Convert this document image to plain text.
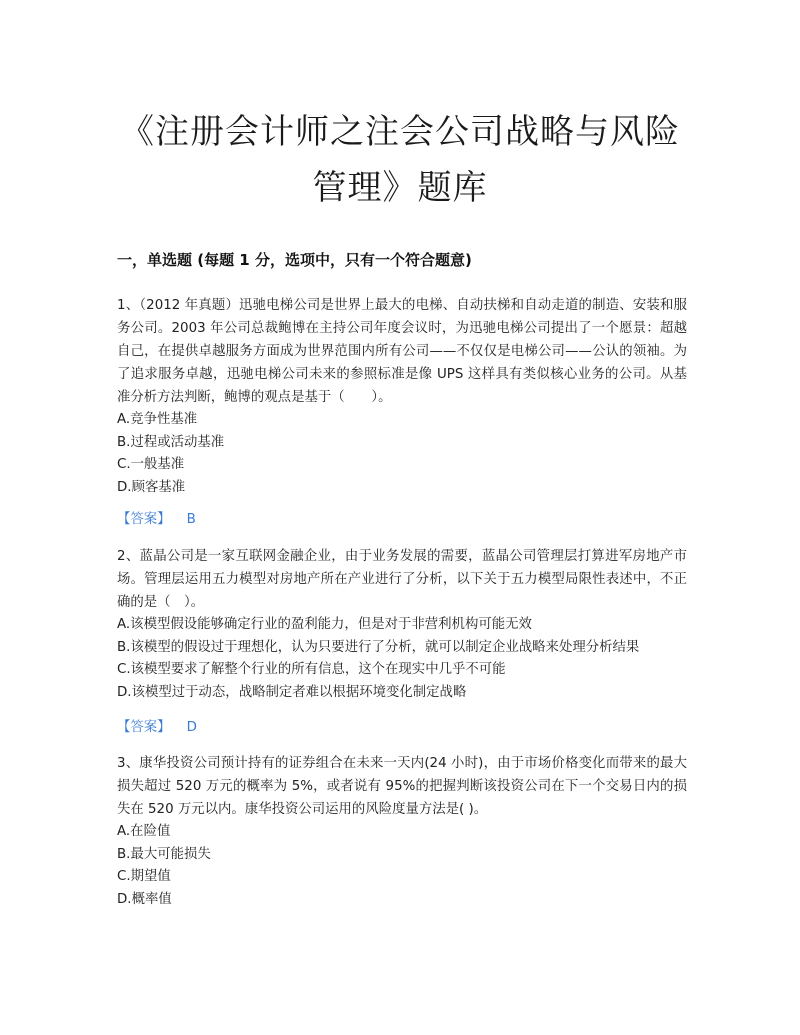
《注册会计师之注会公司战略与风险
管理》题库
一，单选题 (每题 1 分，选项中，只有一个符合题意)

1、（2012 年真题）迅驰电梯公司是世界上最大的电梯、自动扶梯和自动走道的制造、安装和服务公司。2003 年公司总裁鲍博在主持公司年度会议时，为迅驰电梯公司提出了一个愿景：超越自己，在提供卓越服务方面成为世界范围内所有公司——不仅仅是电梯公司——公认的领袖。为了追求服务卓越，迅驰电梯公司未来的参照标准是像 UPS 这样具有类似核心业务的公司。从基准分析方法判断，鲍博的观点是基于（　　）。

A.竞争性基准
B.过程或活动基准
C.一般基准
D.顾客基准
【答案】 B

2、蓝晶公司是一家互联网金融企业，由于业务发展的需要，蓝晶公司管理层打算进军房地产市场。管理层运用五力模型对房地产所在产业进行了分析，以下关于五力模型局限性表述中，不正确的是（　）。

A.该模型假设能够确定行业的盈利能力，但是对于非营利机构可能无效
B.该模型的假设过于理想化，认为只要进行了分析，就可以制定企业战略来处理分析结果
C.该模型要求了解整个行业的所有信息，这个在现实中几乎不可能
D.该模型过于动态，战略制定者难以根据环境变化制定战略
【答案】 D

3、康华投资公司预计持有的证券组合在未来一天内(24 小时)，由于市场价格变化而带来的最大损失超过 520 万元的概率为 5%，或者说有 95%的把握判断该投资公司在下一个交易日内的损失在 520 万元以内。康华投资公司运用的风险度量方法是( )。

A.在险值
B.最大可能损失
C.期望值
D.概率值
